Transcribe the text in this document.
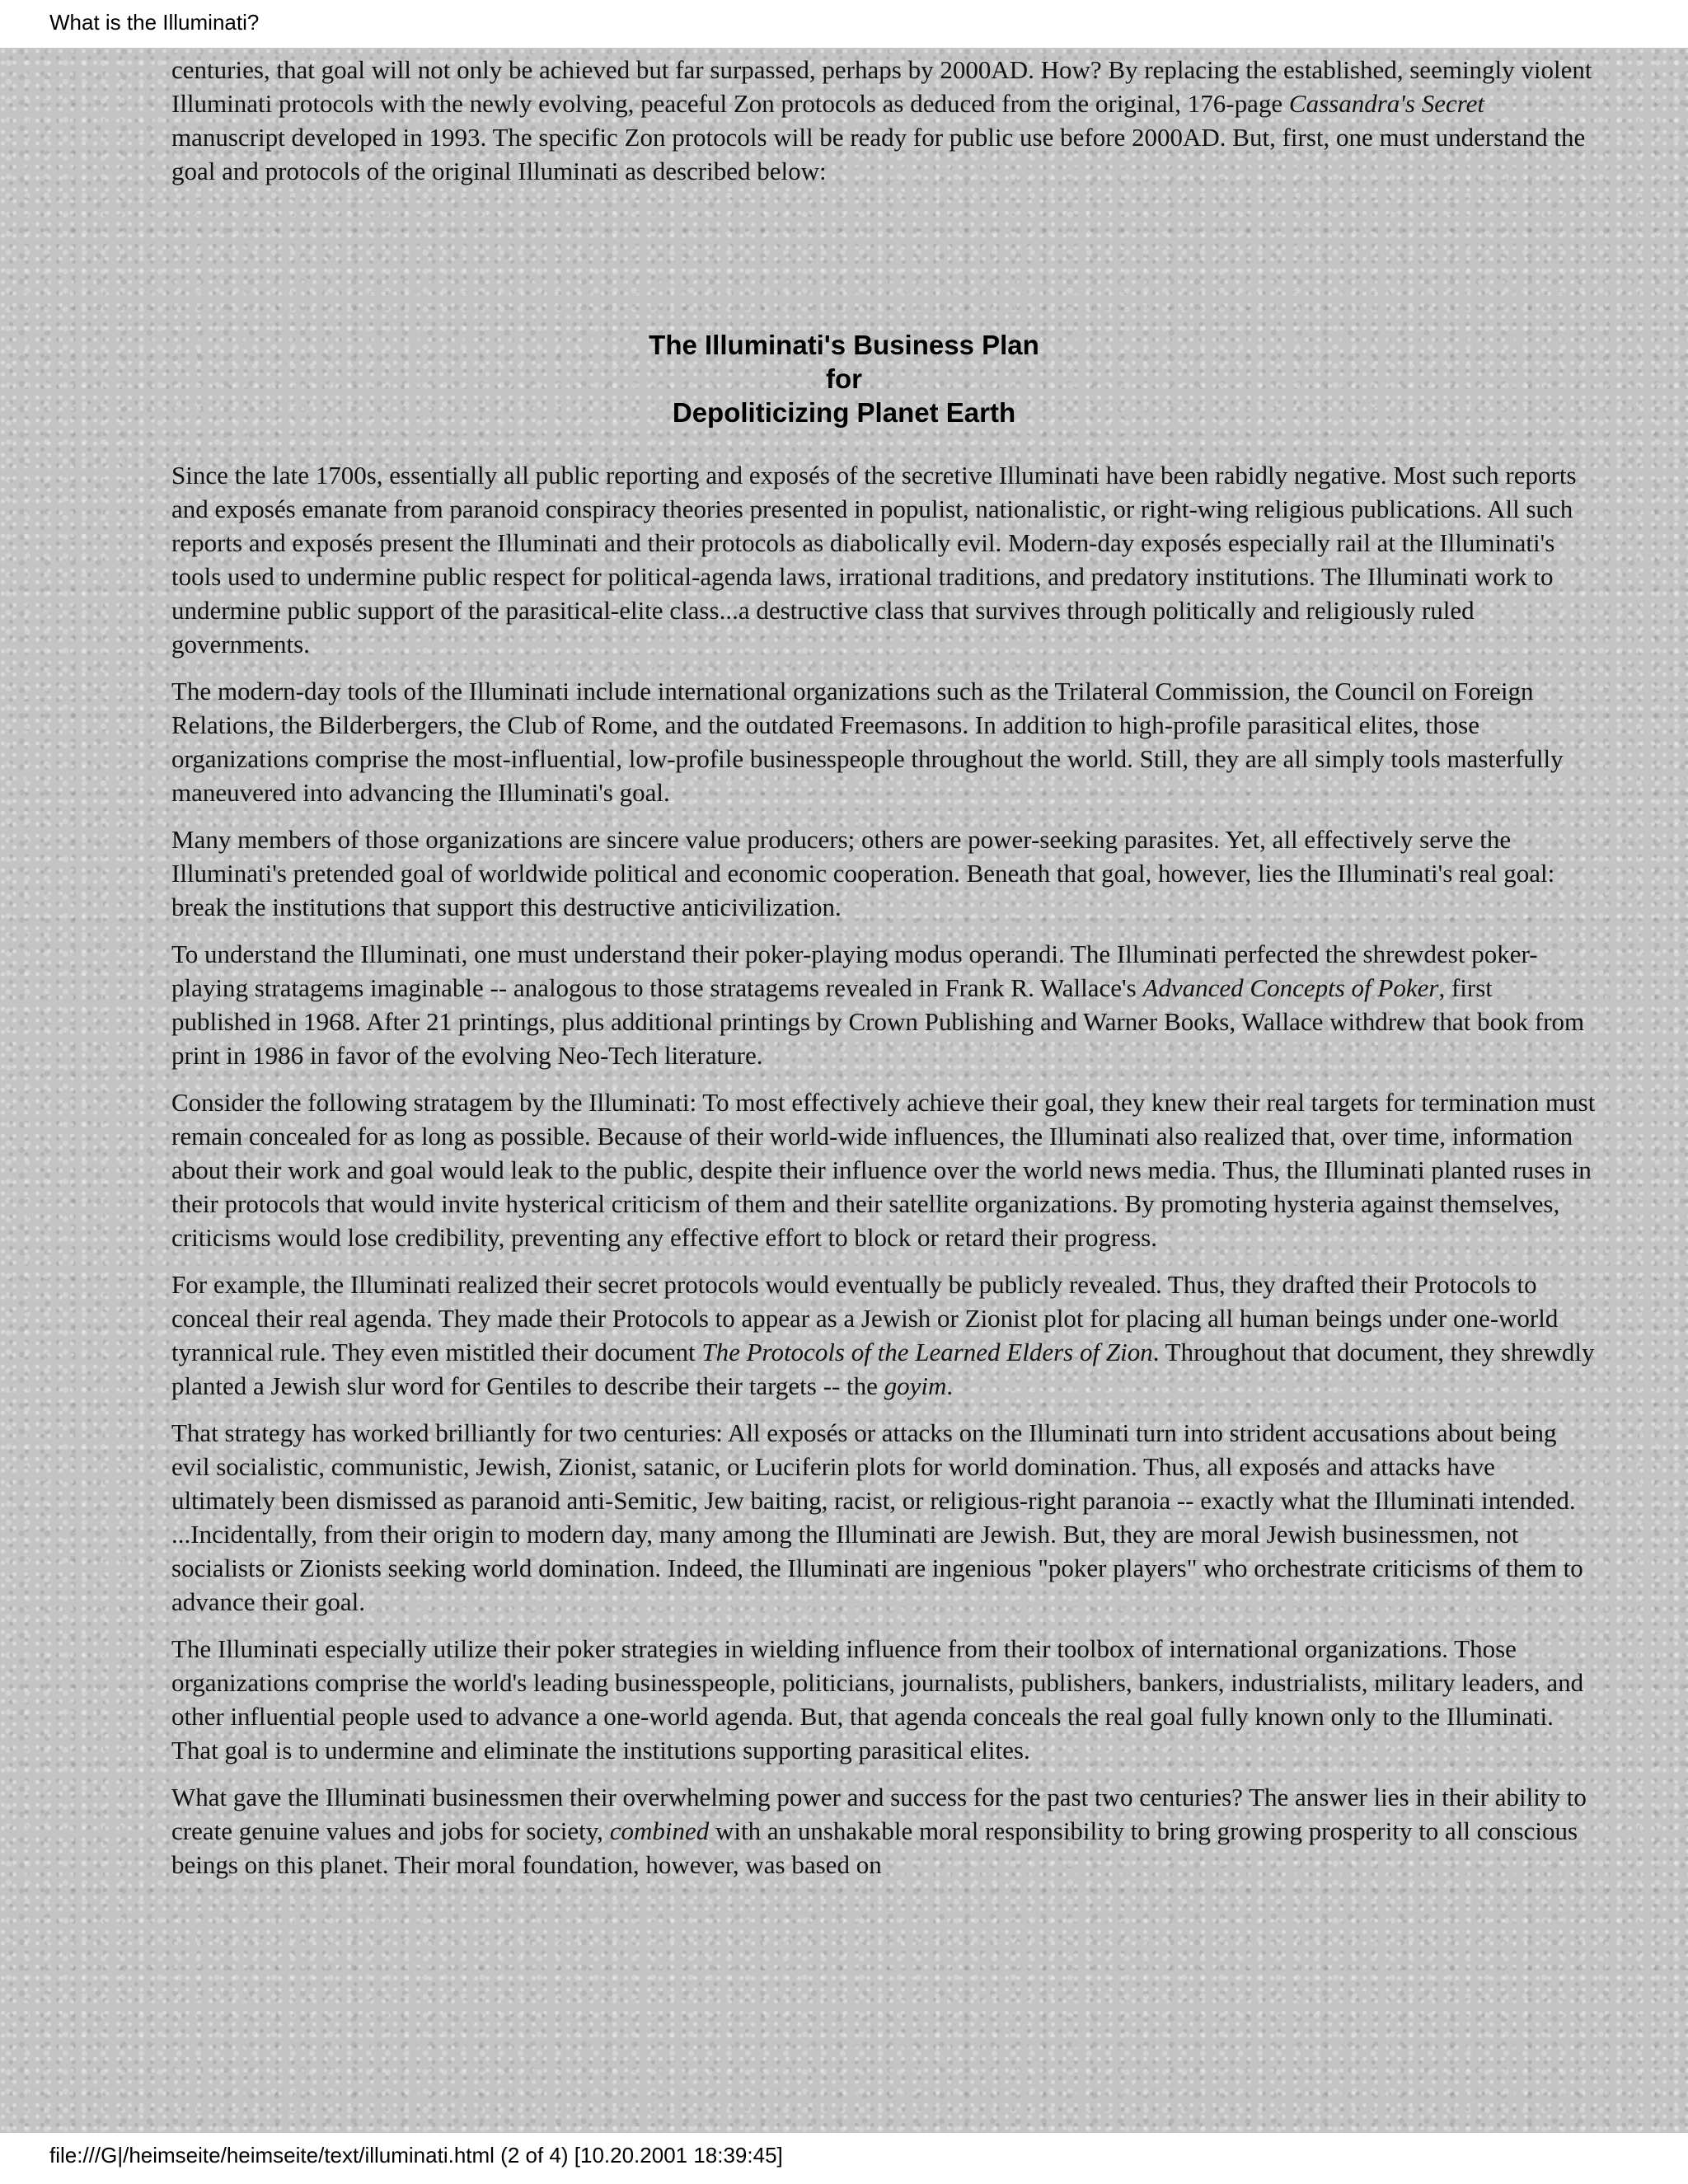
What is the Illuminati?

centuries, that goal will not only be achieved but far surpassed, perhaps by 2000AD. How? By replacing the established, seemingly violent Illuminati protocols with the newly evolving, peaceful Zon protocols as deduced from the original, 176-page Cassandra's Secret manuscript developed in 1993. The specific Zon protocols will be ready for public use before 2000AD. But, first, one must understand the goal and protocols of the original Illuminati as described below:

The Illuminati's Business Plan
for
Depoliticizing Planet Earth

Since the late 1700s, essentially all public reporting and exposés of the secretive Illuminati have been rabidly negative. Most such reports and exposés emanate from paranoid conspiracy theories presented in populist, nationalistic, or right-wing religious publications. All such reports and exposés present the Illuminati and their protocols as diabolically evil. Modern-day exposés especially rail at the Illuminati's tools used to undermine public respect for political-agenda laws, irrational traditions, and predatory institutions. The Illuminati work to undermine public support of the parasitical-elite class...a destructive class that survives through politically and religiously ruled governments.

The modern-day tools of the Illuminati include international organizations such as the Trilateral Commission, the Council on Foreign Relations, the Bilderbergers, the Club of Rome, and the outdated Freemasons. In addition to high-profile parasitical elites, those organizations comprise the most-influential, low-profile businesspeople throughout the world. Still, they are all simply tools masterfully maneuvered into advancing the Illuminati's goal.

Many members of those organizations are sincere value producers; others are power-seeking parasites. Yet, all effectively serve the Illuminati's pretended goal of worldwide political and economic cooperation. Beneath that goal, however, lies the Illuminati's real goal: break the institutions that support this destructive anticivilization.

To understand the Illuminati, one must understand their poker-playing modus operandi. The Illuminati perfected the shrewdest poker-playing stratagems imaginable -- analogous to those stratagems revealed in Frank R. Wallace's Advanced Concepts of Poker, first published in 1968. After 21 printings, plus additional printings by Crown Publishing and Warner Books, Wallace withdrew that book from print in 1986 in favor of the evolving Neo-Tech literature.

Consider the following stratagem by the Illuminati: To most effectively achieve their goal, they knew their real targets for termination must remain concealed for as long as possible. Because of their world-wide influences, the Illuminati also realized that, over time, information about their work and goal would leak to the public, despite their influence over the world news media. Thus, the Illuminati planted ruses in their protocols that would invite hysterical criticism of them and their satellite organizations. By promoting hysteria against themselves, criticisms would lose credibility, preventing any effective effort to block or retard their progress.

For example, the Illuminati realized their secret protocols would eventually be publicly revealed. Thus, they drafted their Protocols to conceal their real agenda. They made their Protocols to appear as a Jewish or Zionist plot for placing all human beings under one-world tyrannical rule. They even mistitled their document The Protocols of the Learned Elders of Zion. Throughout that document, they shrewdly planted a Jewish slur word for Gentiles to describe their targets -- the goyim.

That strategy has worked brilliantly for two centuries: All exposés or attacks on the Illuminati turn into strident accusations about being evil socialistic, communistic, Jewish, Zionist, satanic, or Luciferin plots for world domination. Thus, all exposés and attacks have ultimately been dismissed as paranoid anti-Semitic, Jew baiting, racist, or religious-right paranoia -- exactly what the Illuminati intended. ...Incidentally, from their origin to modern day, many among the Illuminati are Jewish. But, they are moral Jewish businessmen, not socialists or Zionists seeking world domination. Indeed, the Illuminati are ingenious "poker players" who orchestrate criticisms of them to advance their goal.

The Illuminati especially utilize their poker strategies in wielding influence from their toolbox of international organizations. Those organizations comprise the world's leading businesspeople, politicians, journalists, publishers, bankers, industrialists, military leaders, and other influential people used to advance a one-world agenda. But, that agenda conceals the real goal fully known only to the Illuminati. That goal is to undermine and eliminate the institutions supporting parasitical elites.

What gave the Illuminati businessmen their overwhelming power and success for the past two centuries? The answer lies in their ability to create genuine values and jobs for society, combined with an unshakable moral responsibility to bring growing prosperity to all conscious beings on this planet. Their moral foundation, however, was based on

file:///G|/heimseite/heimseite/text/illuminati.html (2 of 4) [10.20.2001 18:39:45]
